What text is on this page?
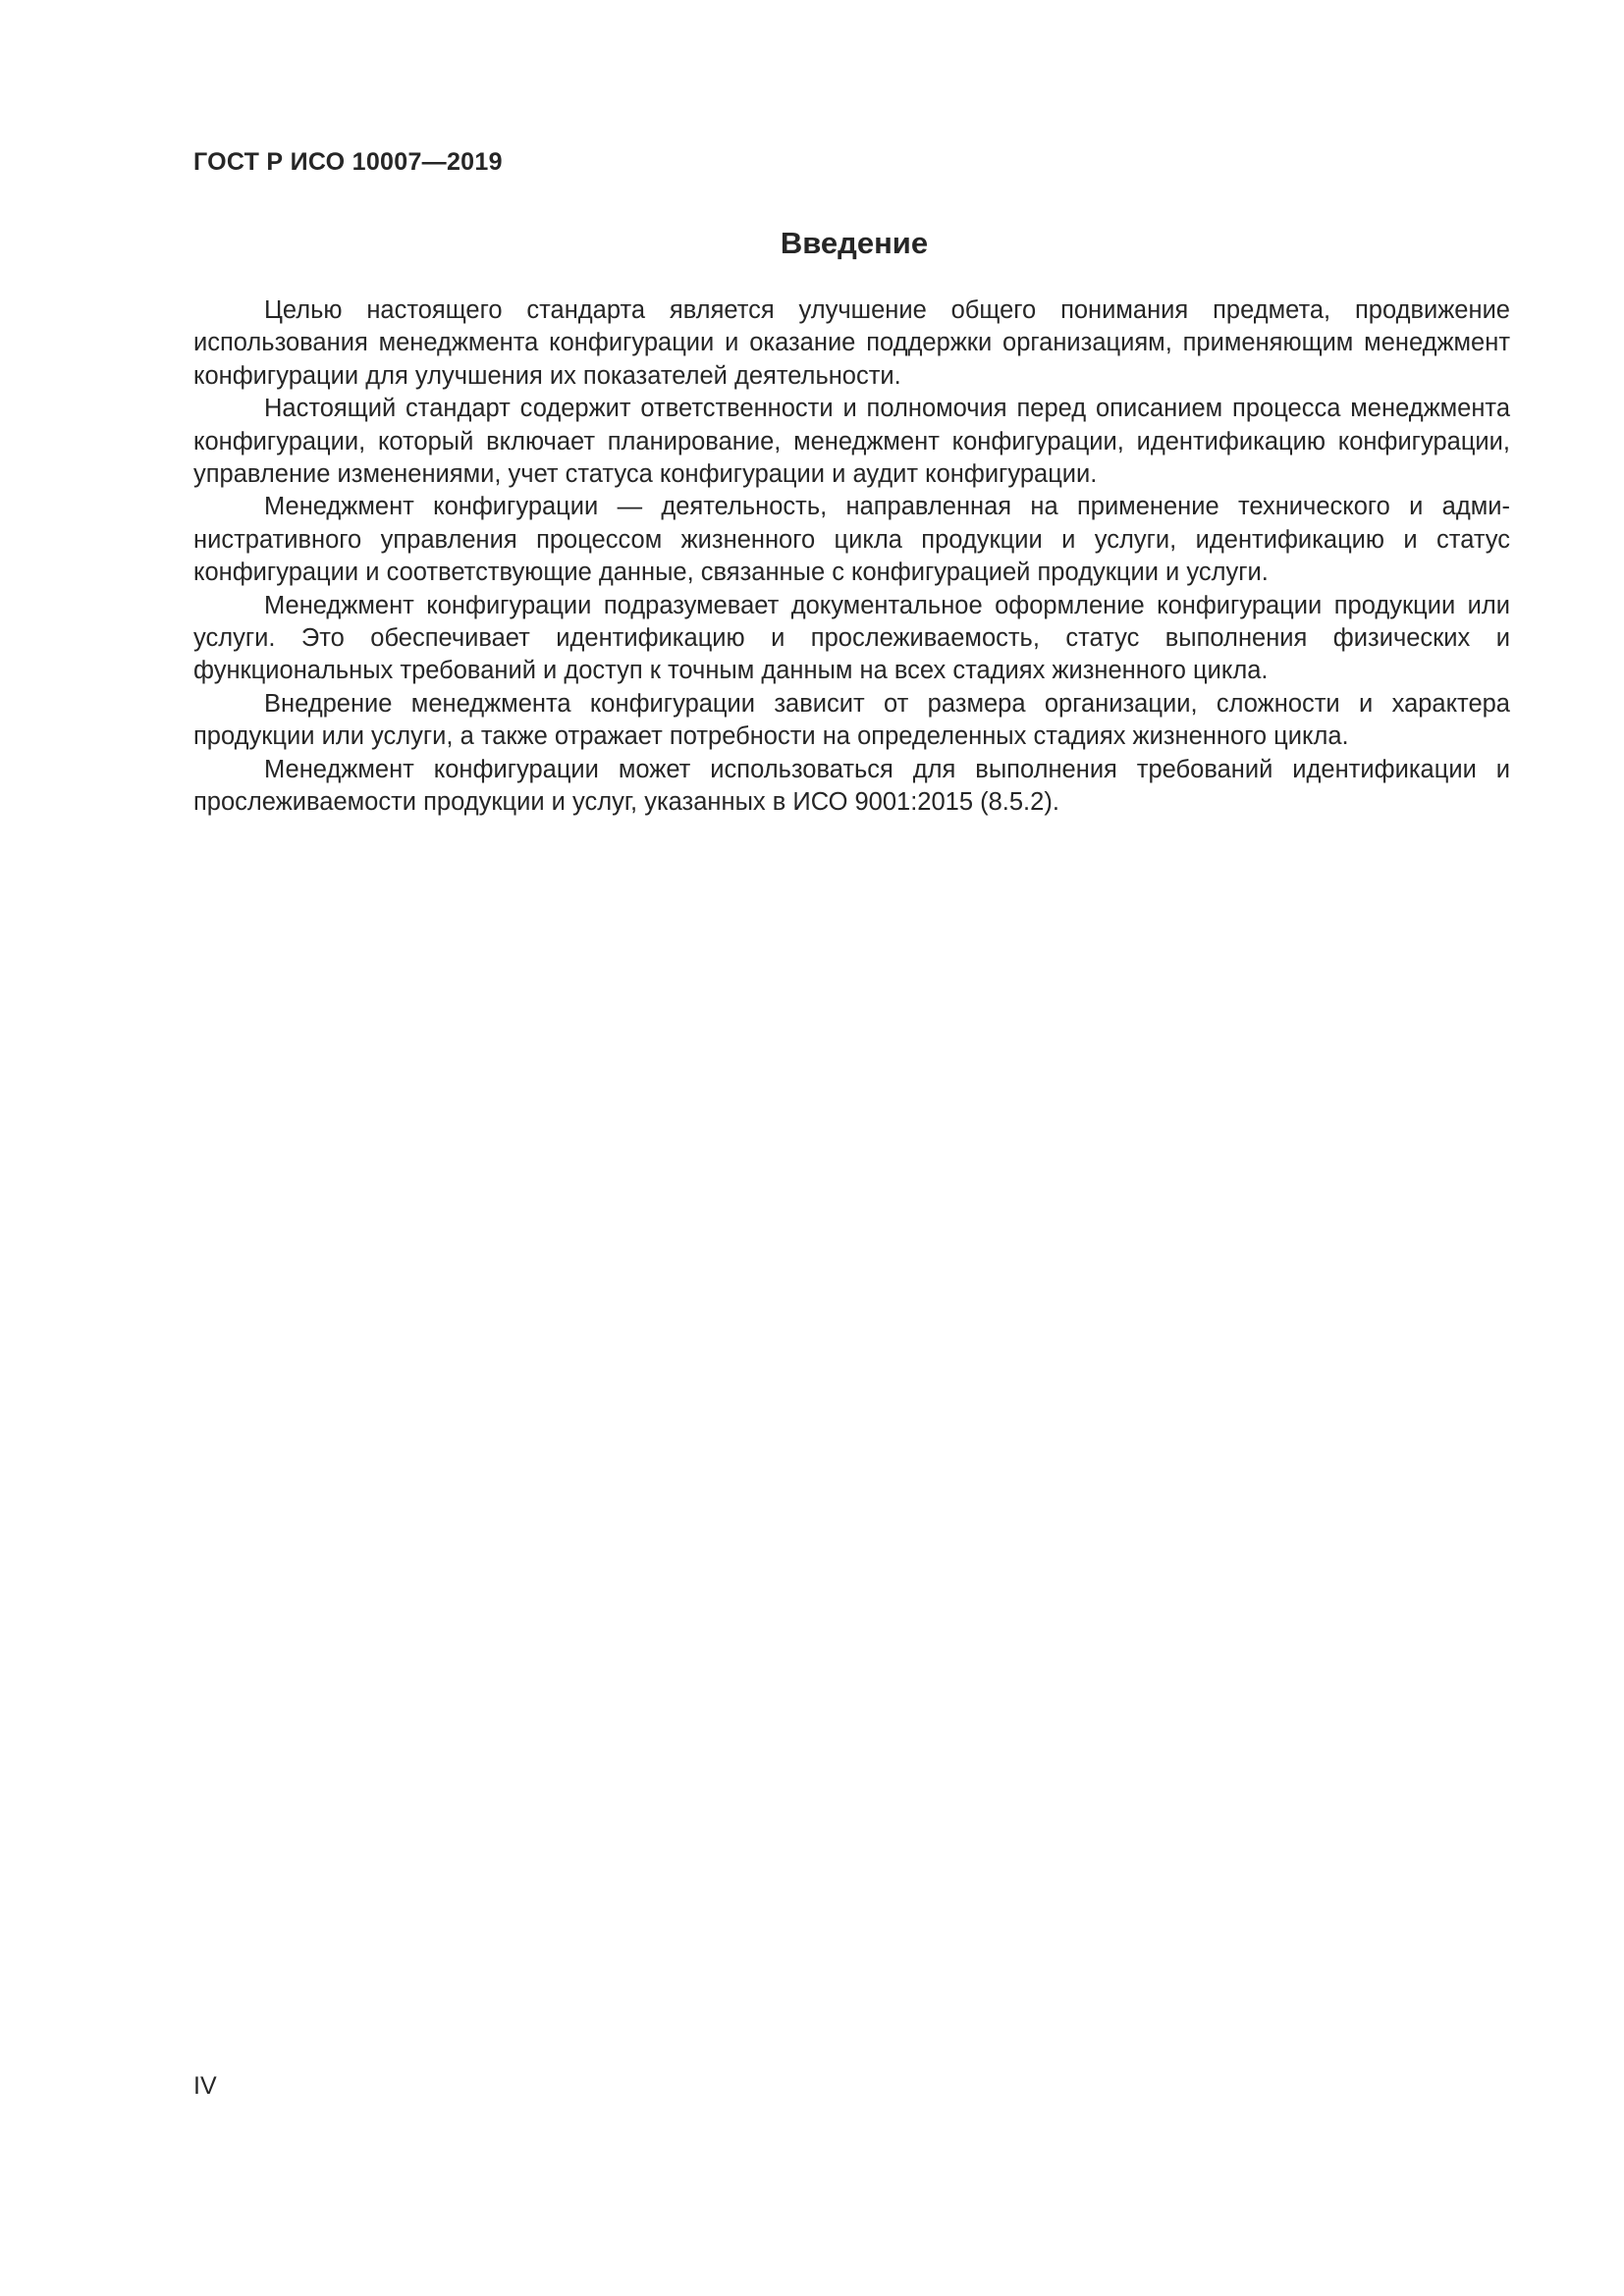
ГОСТ Р ИСО 10007—2019
Введение

Целью настоящего стандарта является улучшение общего понимания предмета, продвижение использования менеджмента конфигурации и оказание поддержки организациям, применяющим менеджмент конфигурации для улучшения их показателей деятельности.

Настоящий стандарт содержит ответственности и полномочия перед описанием процесса менеджмента конфигурации, который включает планирование, менеджмент конфигурации, идентификацию конфигурации, управление изменениями, учет статуса конфигурации и аудит конфигурации.

Менеджмент конфигурации — деятельность, направленная на применение технического и административного управления процессом жизненного цикла продукции и услуги, идентификацию и статус конфигурации и соответствующие данные, связанные с конфигурацией продукции и услуги.

Менеджмент конфигурации подразумевает документальное оформление конфигурации продукции или услуги. Это обеспечивает идентификацию и прослеживаемость, статус выполнения физических и функциональных требований и доступ к точным данным на всех стадиях жизненного цикла.

Внедрение менеджмента конфигурации зависит от размера организации, сложности и характера продукции или услуги, а также отражает потребности на определенных стадиях жизненного цикла.

Менеджмент конфигурации может использоваться для выполнения требований идентификации и прослеживаемости продукции и услуг, указанных в ИСО 9001:2015 (8.5.2).

IV
